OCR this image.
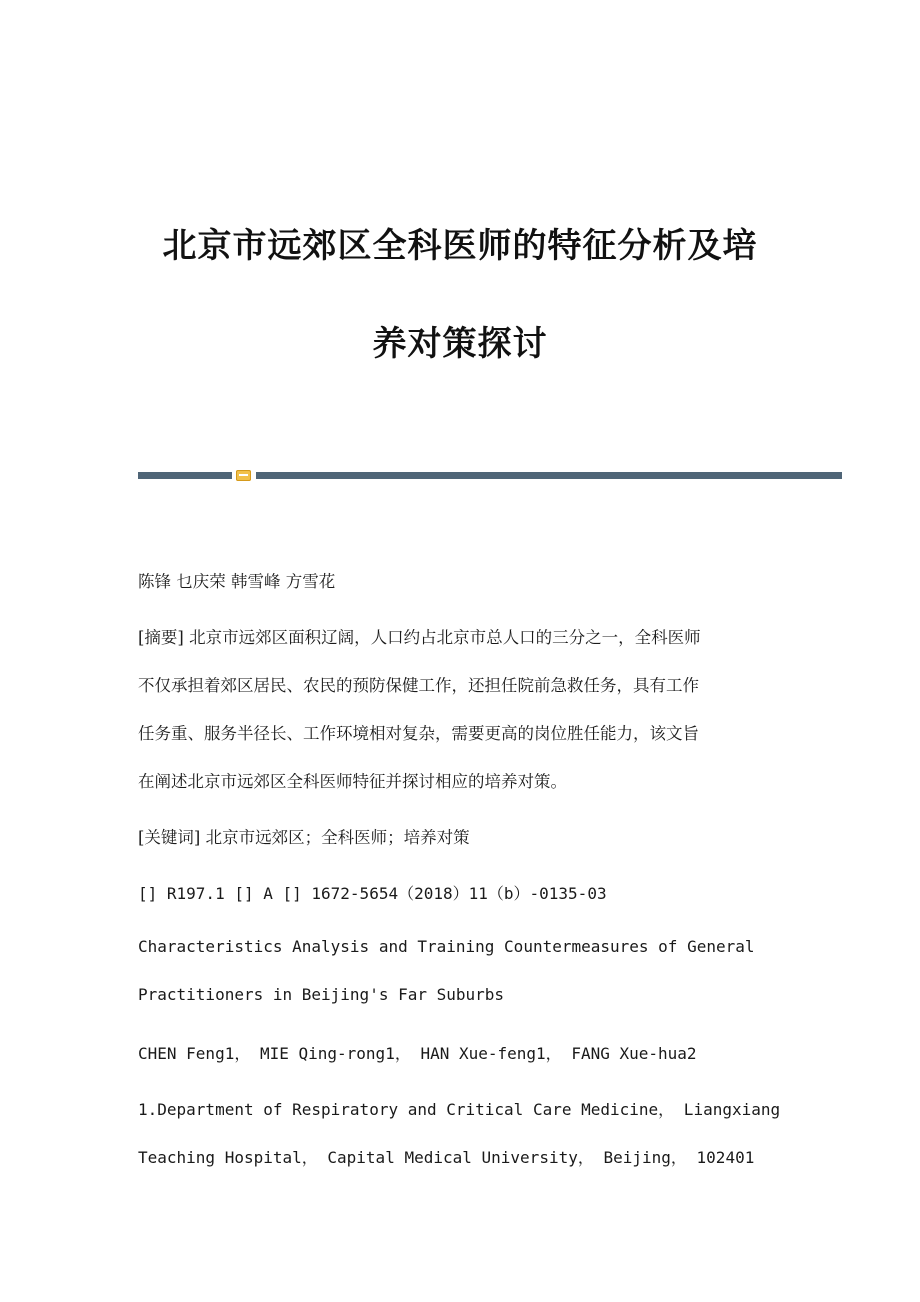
北京市远郊区全科医师的特征分析及培
养对策探讨
陈锋 乜庆荣 韩雪峰 方雪花
[摘要] 北京市远郊区面积辽阔，人口约占北京市总人口的三分之一，全科医师
不仅承担着郊区居民、农民的预防保健工作，还担任院前急救任务，具有工作
任务重、服务半径长、工作环境相对复杂，需要更高的岗位胜任能力，该文旨
在阐述北京市远郊区全科医师特征并探讨相应的培养对策。
[关键词] 北京市远郊区；全科医师；培养对策
[] R197.1 [] A [] 1672-5654（2018）11（b）-0135-03
Characteristics Analysis and Training Countermeasures of General
Practitioners in Beijing's Far Suburbs
CHEN Feng1， MIE Qing-rong1， HAN Xue-feng1， FANG Xue-hua2
1.Department of Respiratory and Critical Care Medicine， Liangxiang
Teaching Hospital， Capital Medical University， Beijing， 102401
